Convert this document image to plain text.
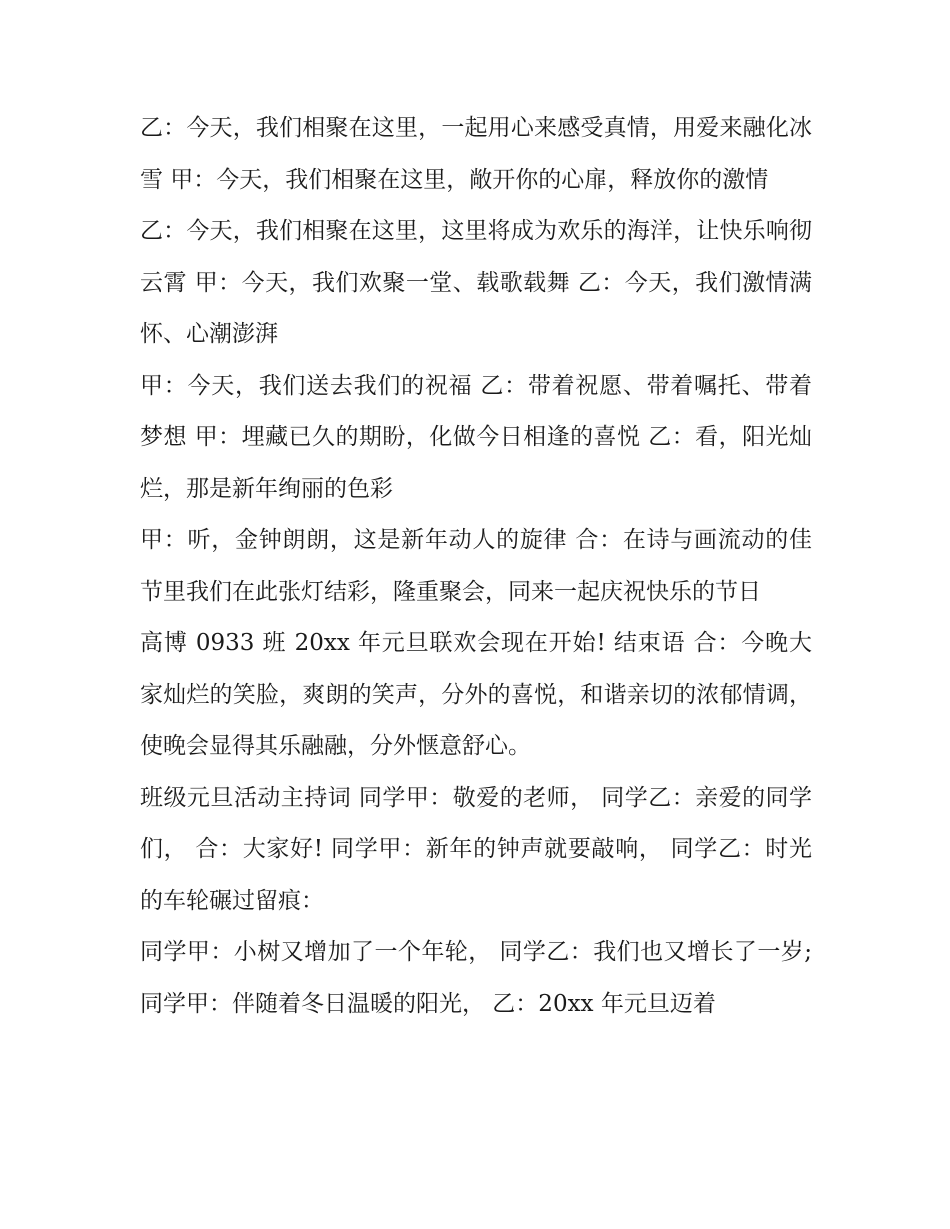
乙：今天，我们相聚在这里，一起用心来感受真情，用爱来融化冰雪 甲：今天，我们相聚在这里，敞开你的心扉，释放你的激情

乙：今天，我们相聚在这里，这里将成为欢乐的海洋，让快乐响彻云霄 甲：今天，我们欢聚一堂、载歌载舞 乙：今天，我们激情满怀、心潮澎湃

甲：今天，我们送去我们的祝福 乙：带着祝愿、带着嘱托、带着梦想 甲：埋藏已久的期盼，化做今日相逢的喜悦 乙：看，阳光灿烂，那是新年绚丽的色彩

甲：听，金钟朗朗，这是新年动人的旋律 合：在诗与画流动的佳节里我们在此张灯结彩，隆重聚会，同来一起庆祝快乐的节日

高博 0933 班 20xx 年元旦联欢会现在开始! 结束语 合：今晚大家灿烂的笑脸，爽朗的笑声，分外的喜悦，和谐亲切的浓郁情调，使晚会显得其乐融融，分外惬意舒心。

班级元旦活动主持词 同学甲：敬爱的老师， 同学乙：亲爱的同学们， 合：大家好! 同学甲：新年的钟声就要敲响， 同学乙：时光的车轮碾过留痕：

同学甲：小树又增加了一个年轮， 同学乙：我们也又增长了一岁; 同学甲：伴随着冬日温暖的阳光， 乙：20xx 年元旦迈着
